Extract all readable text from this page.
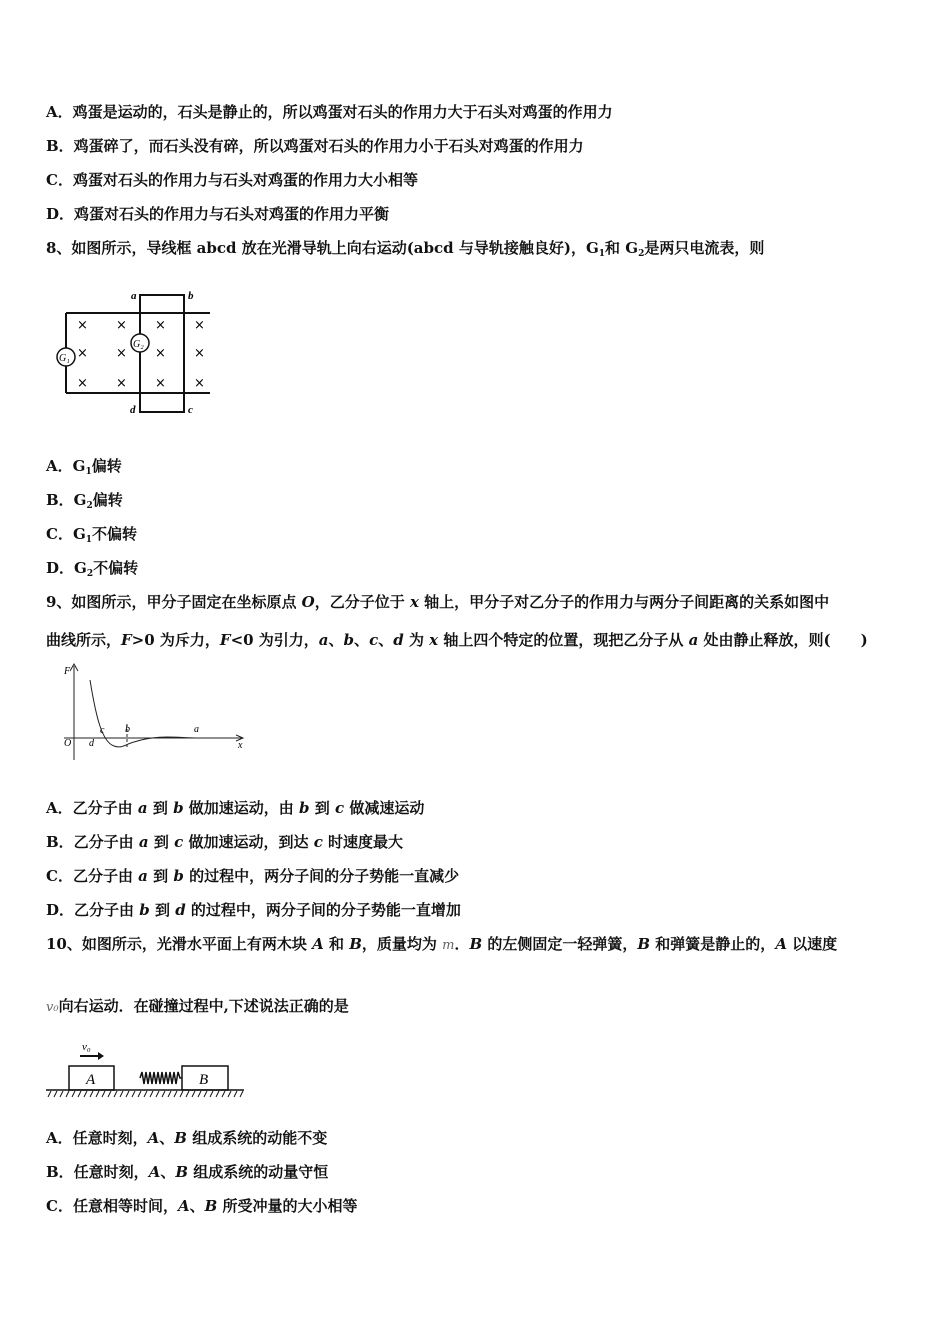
A．鸡蛋是运动的，石头是静止的，所以鸡蛋对石头的作用力大于石头对鸡蛋的作用力
B．鸡蛋碎了，而石头没有碎，所以鸡蛋对石头的作用力小于石头对鸡蛋的作用力
C．鸡蛋对石头的作用力与石头对鸡蛋的作用力大小相等
D．鸡蛋对石头的作用力与石头对鸡蛋的作用力平衡
8、如图所示，导线框 abcd 放在光滑导轨上向右运动(abcd 与导轨接触良好)，$G_1$和 $G_2$是两只电流表，则
G₁
G₂
a	b
c
d
×
×
×
×
×
×
×
×
×
×
×
×
A．$G_1$偏转
B．$G_2$偏转
C．$G_1$不偏转
D．$G_2$不偏转
9、如图所示，甲分子固定在坐标原点 O，乙分子位于 x 轴上，甲分子对乙分子的作用力与两分子间距离的关系如图中
曲线所示，F>0 为斥力，F<0 为引力，a、b、c、d 为 x 轴上四个特定的位置，现把乙分子从 a 处由静止释放，则(　　)
F
O	x
d
c b	a
A．乙分子由 a 到 b 做加速运动，由 b 到 c 做减速运动
B．乙分子由 a 到 c 做加速运动，到达 c 时速度最大
C．乙分子由 a 到 b 的过程中，两分子间的分子势能一直减少
D．乙分子由 b 到 d 的过程中，两分子间的分子势能一直增加
10、如图所示，光滑水平面上有两木块 A 和 B，质量均为 m．B 的左侧固定一轻弹簧，B 和弹簧是静止的，A 以速度
v₀向右运动．在碰撞过程中,下述说法正确的是
v₀
A	B
A．任意时刻，A、B 组成系统的动能不变
B．任意时刻，A、B 组成系统的动量守恒
C．任意相等时间，A、B 所受冲量的大小相等
